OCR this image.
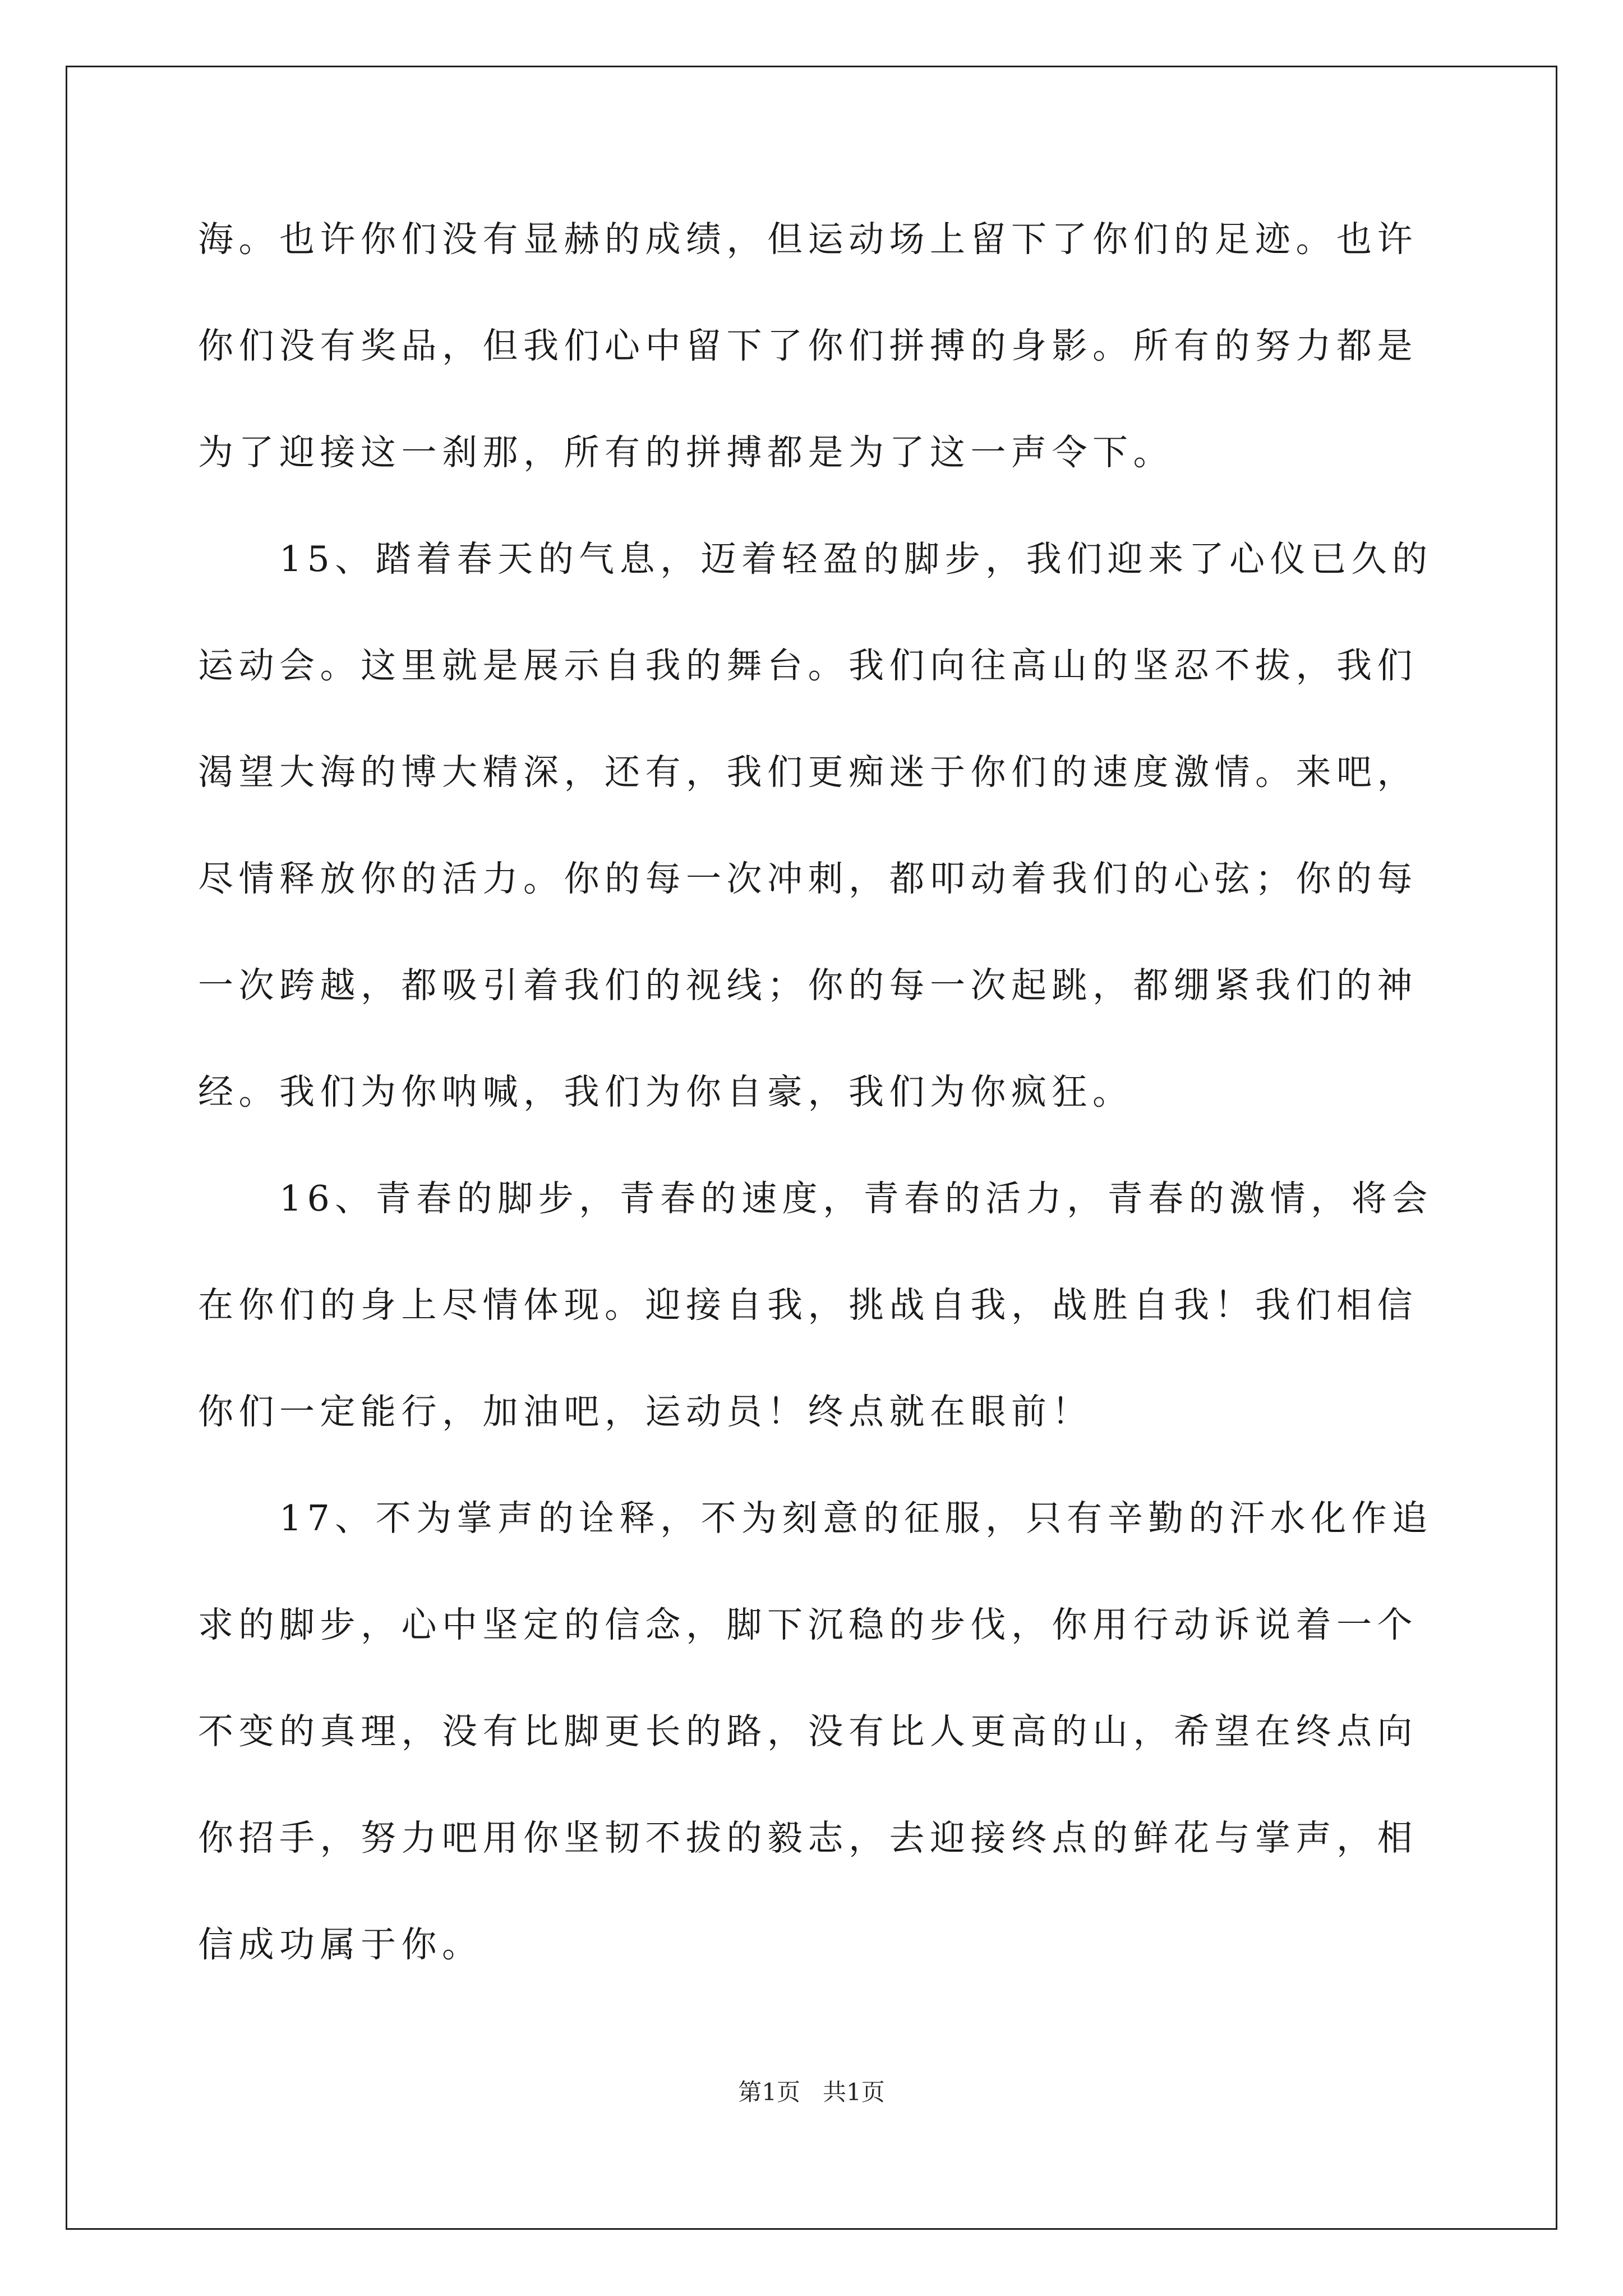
海。也许你们没有显赫的成绩，但运动场上留下了你们的足迹。也许
你们没有奖品，但我们心中留下了你们拼搏的身影。所有的努力都是
为了迎接这一刹那，所有的拼搏都是为了这一声令下。
　　15、踏着春天的气息，迈着轻盈的脚步，我们迎来了心仪已久的
运动会。这里就是展示自我的舞台。我们向往高山的坚忍不拔，我们
渴望大海的博大精深，还有，我们更痴迷于你们的速度激情。来吧，
尽情释放你的活力。你的每一次冲刺，都叩动着我们的心弦；你的每
一次跨越，都吸引着我们的视线；你的每一次起跳，都绷紧我们的神
经。我们为你呐喊，我们为你自豪，我们为你疯狂。
　　16、青春的脚步，青春的速度，青春的活力，青春的激情，将会
在你们的身上尽情体现。迎接自我，挑战自我，战胜自我！我们相信
你们一定能行，加油吧，运动员！终点就在眼前！
　　17、不为掌声的诠释，不为刻意的征服，只有辛勤的汗水化作追
求的脚步，心中坚定的信念，脚下沉稳的步伐，你用行动诉说着一个
不变的真理，没有比脚更长的路，没有比人更高的山，希望在终点向
你招手，努力吧用你坚韧不拔的毅志，去迎接终点的鲜花与掌声，相
信成功属于你。
第1页   共1页
